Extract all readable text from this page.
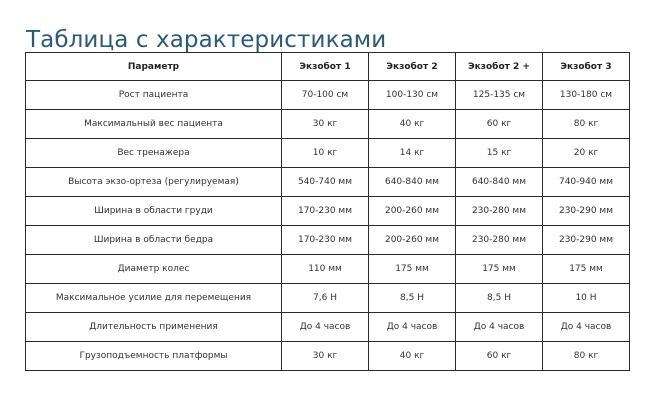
Таблица с характеристиками
Параметр	Экзобот 1	Экзобот 2	Экзобот 2 +	Экзобот 3
Рост пациента	70-100 см	100-130 см	125-135 см	130-180 см
Максимальный вес пациента	30 кг	40 кг	60 кг	80 кг
Вес тренажера	10 кг	14 кг	15 кг	20 кг
Высота экзо-ортеза (регулируемая)	540-740 мм	640-840 мм	640-840 мм	740-940 мм
Ширина в области груди	170-230 мм	200-260 мм	230-280 мм	230-290 мм
Ширина в области бедра	170-230 мм	200-260 мм	230-280 мм	230-290 мм
Диаметр колес	110 мм	175 мм	175 мм	175 мм
Максимальное усилие для перемещения	7,6 Н	8,5 Н	8,5 Н	10 Н
Длительность применения	До 4 часов	До 4 часов	До 4 часов	До 4 часов
Грузоподъемность платформы	30 кг	40 кг	60 кг	80 кг
